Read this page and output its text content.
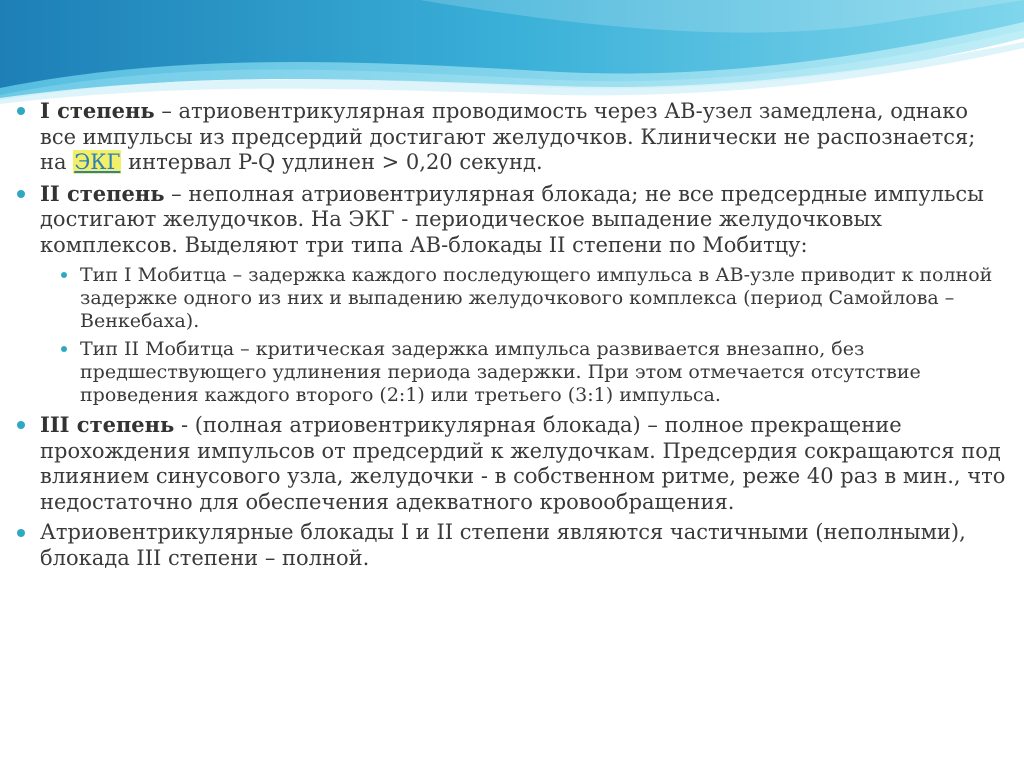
I степень – атриовентрикулярная проводимость через АВ-узел замедлена, однако все импульсы из предсердий достигают желудочков. Клинически не распознается; на ЭКГ интервал P-Q удлинен > 0,20 секунд.
II степень – неполная атриовентриулярная блокада; не все предсердные импульсы достигают желудочков. На ЭКГ - периодическое выпадение желудочковых комплексов. Выделяют три типа АВ-блокады II степени по Мобитцу:
Тип I Мобитца – задержка каждого последующего импульса в АВ-узле приводит к полной задержке одного из них и выпадению желудочкового комплекса (период Самойлова – Венкебаха).
Тип II Мобитца – критическая задержка импульса развивается внезапно, без предшествующего удлинения периода задержки. При этом отмечается отсутствие проведения каждого второго (2:1) или третьего (3:1) импульса.
III степень - (полная атриовентрикулярная блокада) – полное прекращение прохождения импульсов от предсердий к желудочкам. Предсердия сокращаются под влиянием синусового узла, желудочки - в собственном ритме, реже 40 раз в мин., что недостаточно для обеспечения адекватного кровообращения.
Атриовентрикулярные блокады I и II степени являются частичными (неполными), блокада III степени – полной.
